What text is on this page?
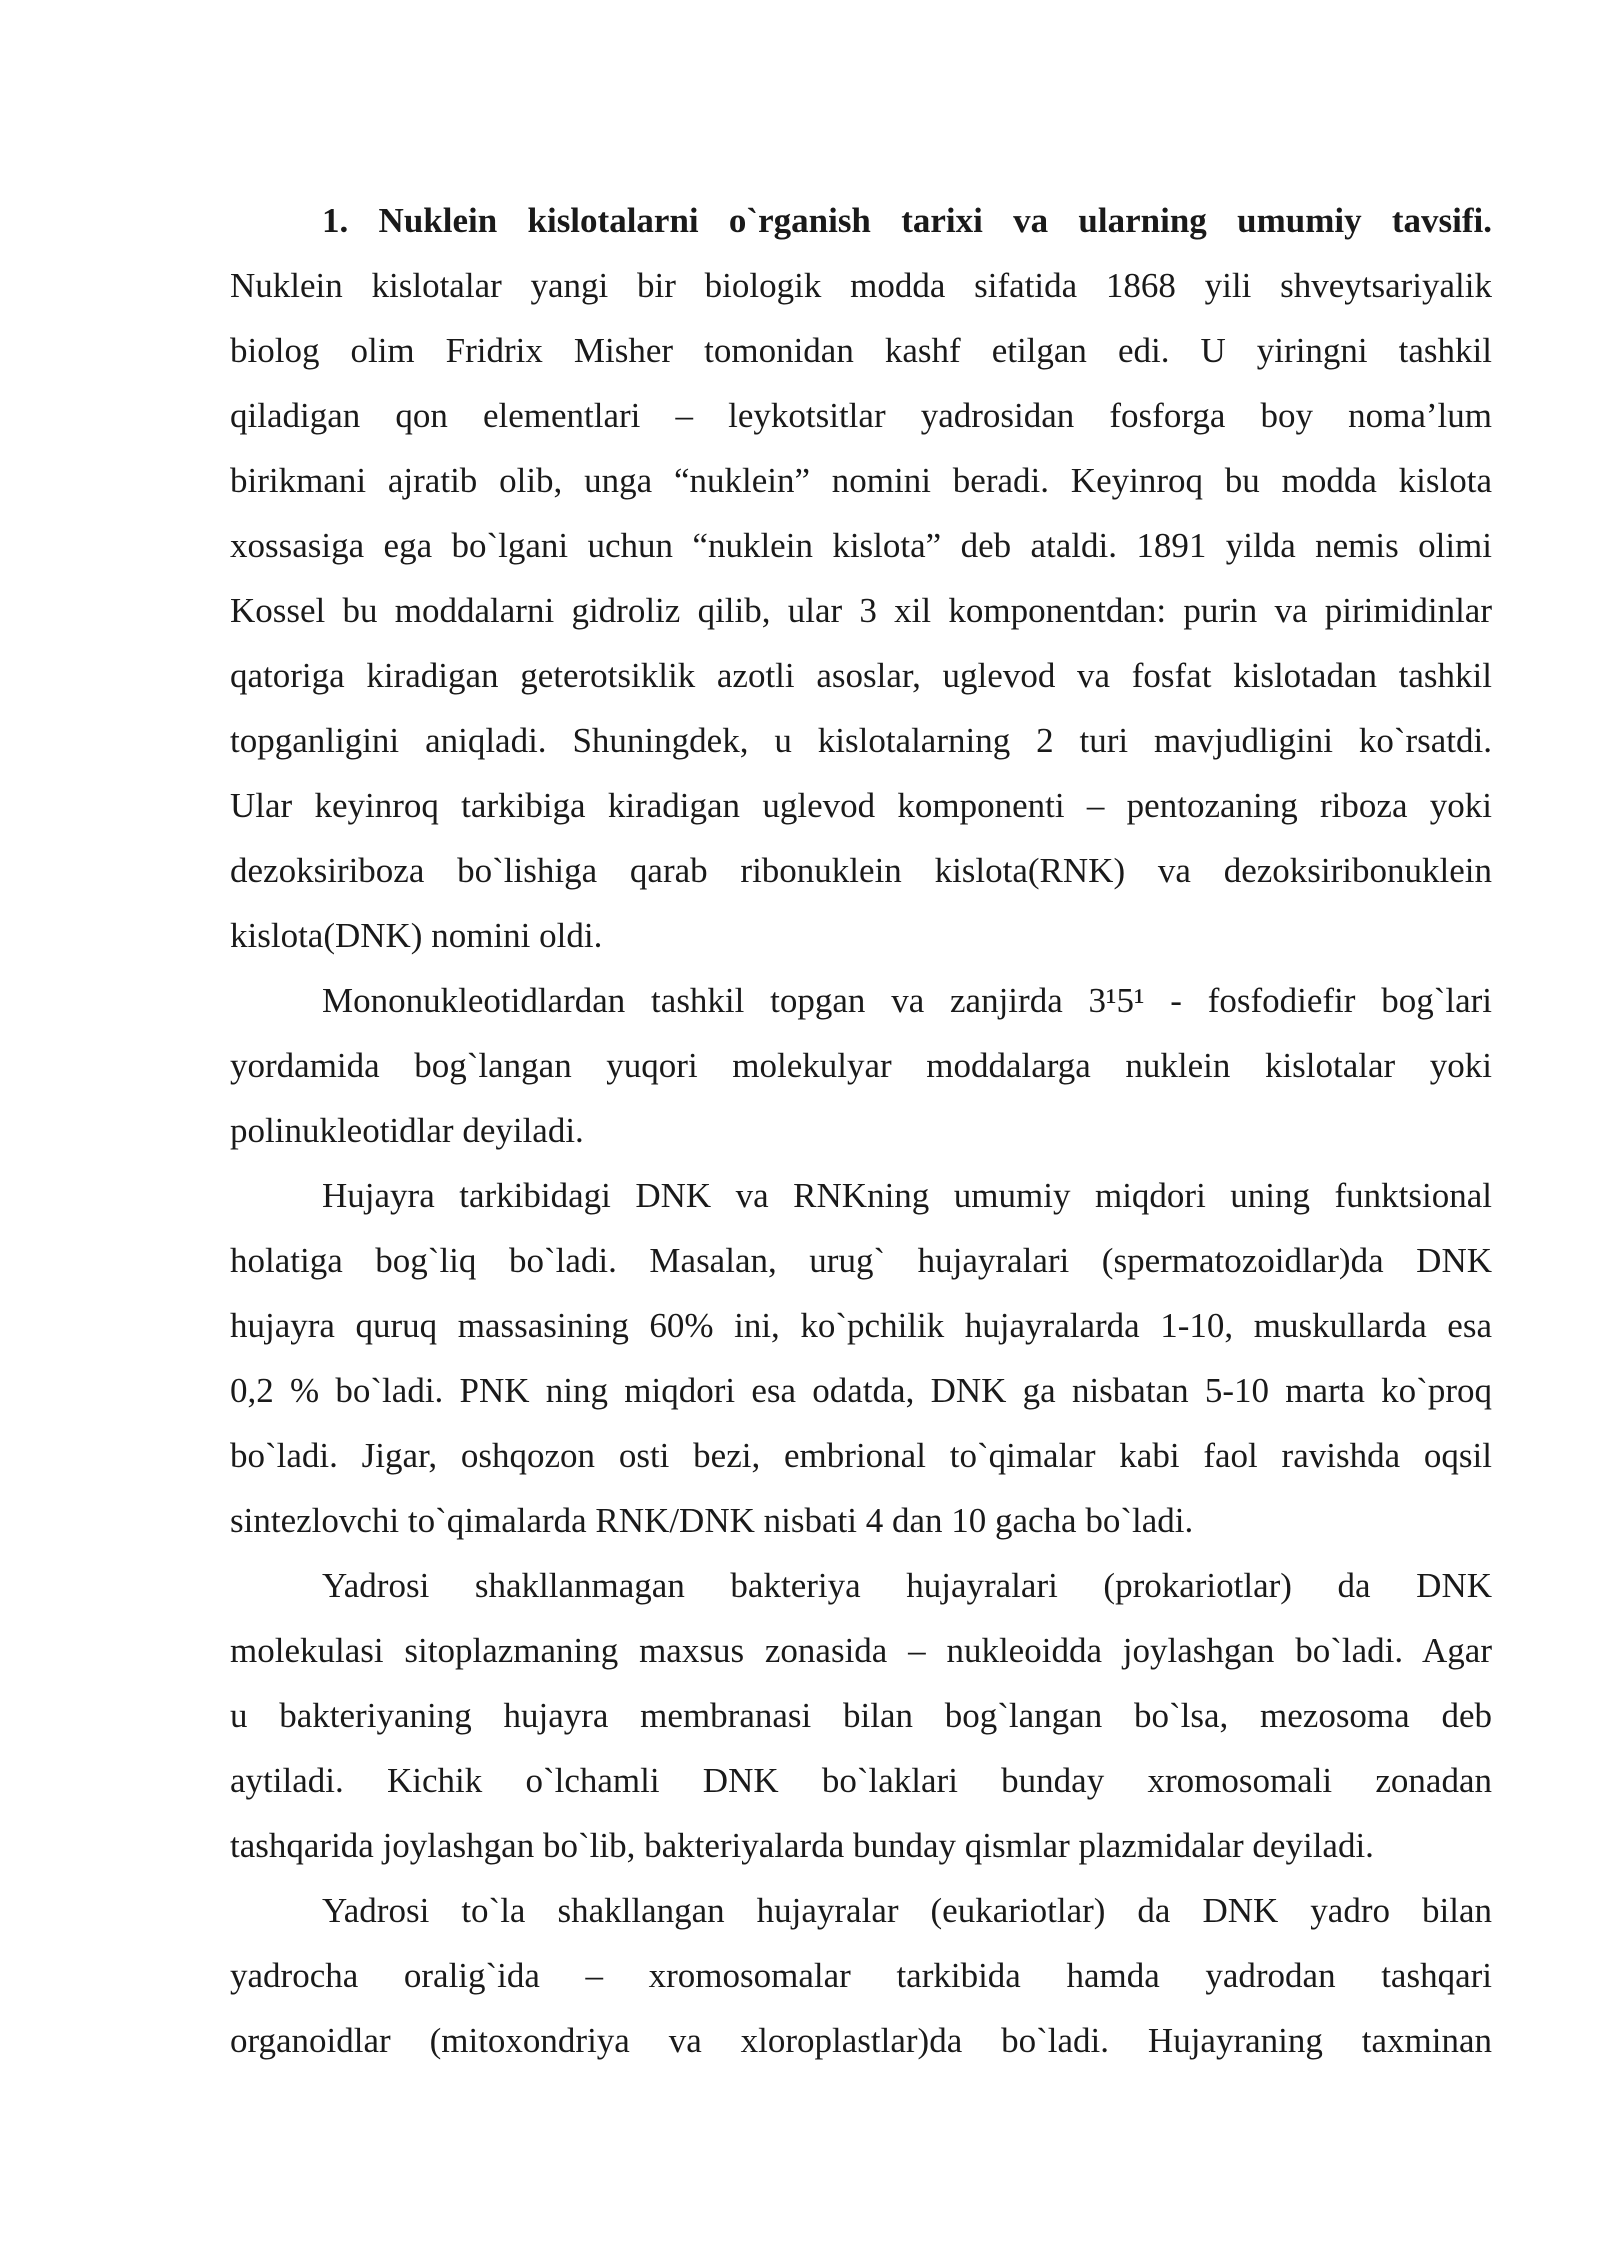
1. Nuklein kislotalarni o`rganish tarixi va ularning umumiy tavsifi.
Nuklein kislotalar yangi bir biologik modda sifatida 1868 yili shveytsariyalik
biolog olim Fridrix Misher tomonidan kashf etilgan edi. U yiringni tashkil
qiladigan qon elementlari – leykotsitlar yadrosidan fosforga boy noma’lum
birikmani ajratib olib, unga “nuklein” nomini beradi. Keyinroq bu modda kislota
xossasiga ega bo`lgani uchun “nuklein kislota” deb ataldi. 1891 yilda nemis olimi
Kossel bu moddalarni gidroliz qilib, ular 3 xil komponentdan: purin va pirimidinlar
qatoriga kiradigan geterotsiklik azotli asoslar, uglevod va fosfat kislotadan tashkil
topganligini aniqladi. Shuningdek, u kislotalarning 2 turi mavjudligini ko`rsatdi.
Ular keyinroq tarkibiga kiradigan uglevod komponenti – pentozaning riboza yoki
dezoksiriboza bo`lishiga qarab ribonuklein kislota(RNK) va dezoksiribonuklein
kislota(DNK) nomini oldi.

Mononukleotidlardan tashkil topgan va zanjirda 3¹5¹ - fosfodiefir bog`lari
yordamida bog`langan yuqori molekulyar moddalarga nuklein kislotalar yoki
polinukleotidlar deyiladi.

Hujayra tarkibidagi DNK va RNKning umumiy miqdori uning funktsional
holatiga bog`liq bo`ladi. Masalan, urug` hujayralari (spermatozoidlar)da DNK
hujayra quruq massasining 60% ini, ko`pchilik hujayralarda 1-10, muskullarda esa
0,2 % bo`ladi. PNK ning miqdori esa odatda, DNK ga nisbatan 5-10 marta ko`proq
bo`ladi. Jigar, oshqozon osti bezi, embrional to`qimalar kabi faol ravishda oqsil
sintezlovchi to`qimalarda RNK/DNK nisbati 4 dan 10 gacha bo`ladi.

Yadrosi shakllanmagan bakteriya hujayralari (prokariotlar) da DNK
molekulasi sitoplazmaning maxsus zonasida – nukleoidda joylashgan bo`ladi. Agar
u bakteriyaning hujayra membranasi bilan bog`langan bo`lsa, mezosoma deb
aytiladi. Kichik o`lchamli DNK bo`laklari bunday xromosomali zonadan
tashqarida joylashgan bo`lib, bakteriyalarda bunday qismlar plazmidalar deyiladi.

Yadrosi to`la shakllangan hujayralar (eukariotlar) da DNK yadro bilan
yadrocha oralig`ida – xromosomalar tarkibida hamda yadrodan tashqari
organoidlar (mitoxondriya va xloroplastlar)da bo`ladi. Hujayraning taxminan
